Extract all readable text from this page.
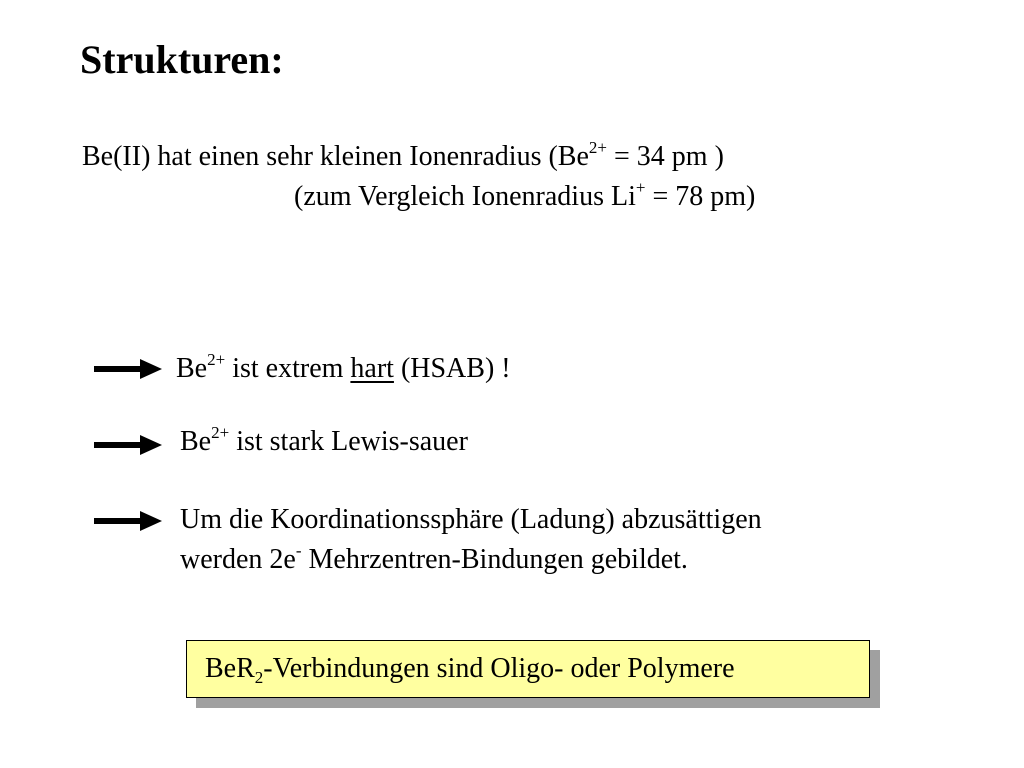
Strukturen:
Be(II) hat einen sehr kleinen Ionenradius ($Be^{2+} = 34$ pm )
(zum Vergleich Ionenradius Li+ = 78 pm)
$Be^{2+}$ ist extrem hart (HSAB) !
$Be^{2+}$ ist stark Lewis-sauer
Um die Koordinationssphäre (Ladung) abzusättigen
werden 2e- Mehrzentren-Bindungen gebildet.
BeR$_2$-Verbindungen sind Oligo- oder Polymere
